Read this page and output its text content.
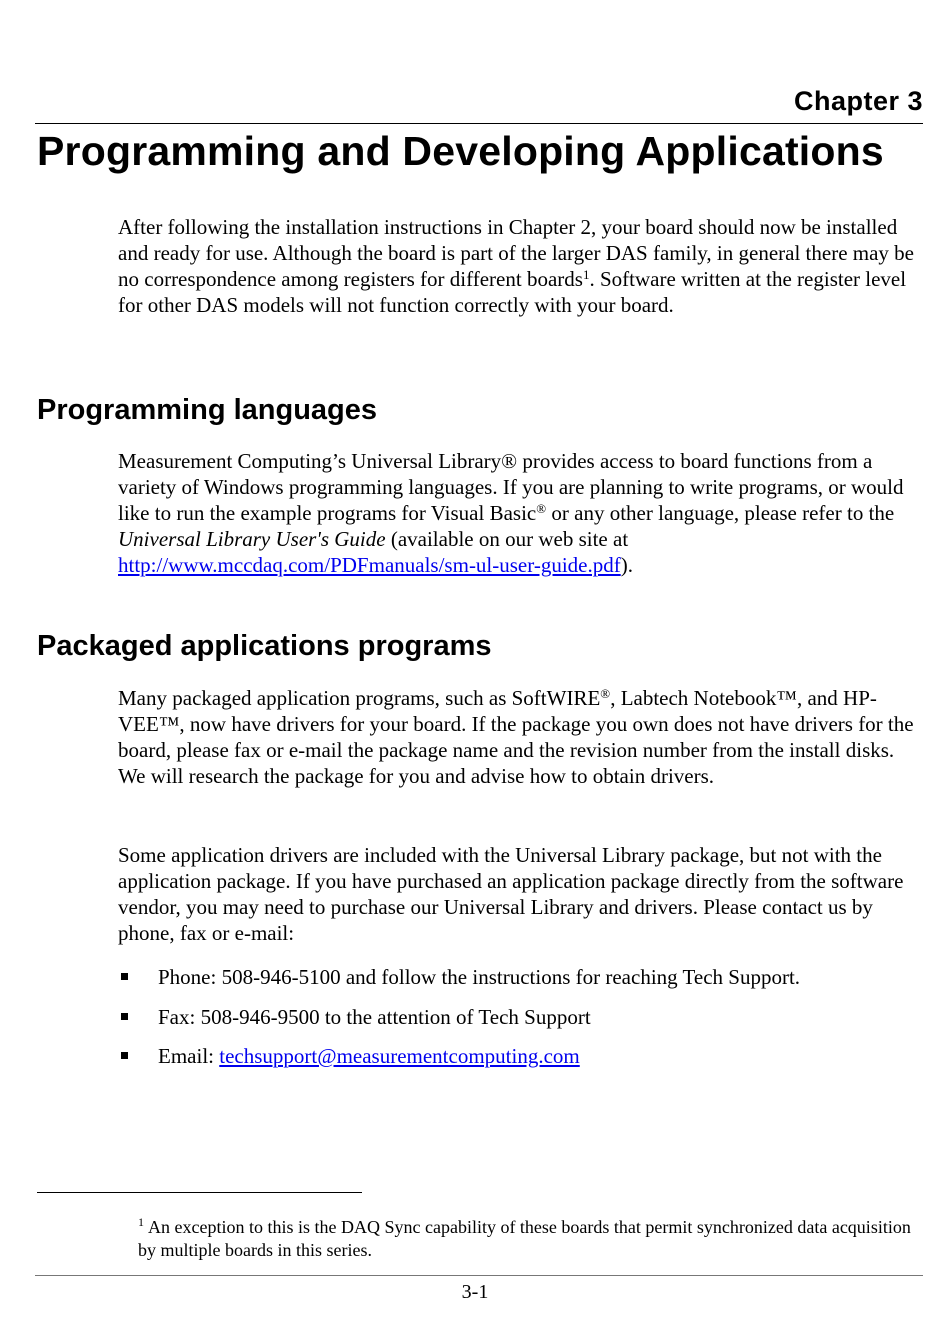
Chapter 3
Programming and Developing Applications

After following the installation instructions in Chapter 2, your board should now be installed and ready for use. Although the board is part of the larger DAS family, in general there may be no correspondence among registers for different boards$^1$. Software written at the register level for other DAS models will not function correctly with your board.

Programming languages

Measurement Computing’s Universal Library® provides access to board functions from a variety of Windows programming languages. If you are planning to write programs, or would like to run the example programs for Visual Basic® or any other language, please refer to the Universal Library User's Guide (available on our web site at http://www.mccdaq.com/PDFmanuals/sm-ul-user-guide.pdf).

Packaged applications programs

Many packaged application programs, such as SoftWIRE®, Labtech Notebook™, and HP-VEE™, now have drivers for your board. If the package you own does not have drivers for the board, please fax or e-mail the package name and the revision number from the install disks. We will research the package for you and advise how to obtain drivers.

Some application drivers are included with the Universal Library package, but not with the application package. If you have purchased an application package directly from the software vendor, you may need to purchase our Universal Library and drivers. Please contact us by phone, fax or e-mail:

Phone: 508-946-5100 and follow the instructions for reaching Tech Support.
Fax: 508-946-9500 to the attention of Tech Support
Email: techsupport@measurementcomputing.com

$^1$ An exception to this is the DAQ Sync capability of these boards that permit synchronized data acquisition by multiple boards in this series.

3-1
